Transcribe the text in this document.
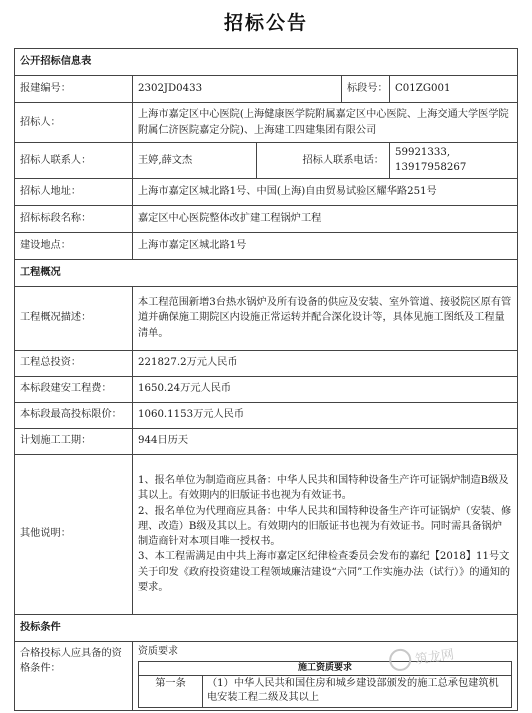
招标公告
公开招标信息表
报建编号：	2302JD0433	标段号：	C01ZG001
招标人：	上海市嘉定区中心医院(上海健康医学院附属嘉定区中心医院、上海交通大学医学院附属仁济医院嘉定分院)、上海建工四建集团有限公司
招标人联系人：	王婷,薛文杰	招标人联系电话：	59921333, 13917958267
招标人地址：	上海市嘉定区城北路1号、中国(上海)自由贸易试验区耀华路251号
招标标段名称：	嘉定区中心医院整体改扩建工程锅炉工程
建设地点：	上海市嘉定区城北路1号
工程概况
工程概况描述：	本工程范围新增3台热水锅炉及所有设备的供应及安装、室外管道、接驳院区原有管道并确保施工期院区内设施正常运转并配合深化设计等，具体见施工图纸及工程量清单。
工程总投资：	221827.2万元人民币
本标段建安工程费：	1650.24万元人民币
本标段最高投标限价：	1060.1153万元人民币
计划施工工期：	944日历天
其他说明：	
1、报名单位为制造商应具备：中华人民共和国特种设备生产许可证锅炉制造B级及其以上。有效期内的旧版证书也视为有效证书。
2、报名单位为代理商应具备：中华人民共和国特种设备生产许可证锅炉（安装、修理、改造）B级及其以上。有效期内的旧版证书也视为有效证书。同时需具备锅炉制造商针对本项目唯一授权书。
3、本工程需满足由中共上海市嘉定区纪律检查委员会发布的嘉纪【2018】11号文关于印发《政府投资建设工程领域廉洁建设“六同”工作实施办法（试行）》的通知的要求。

投标条件
合格投标人应具备的资格条件：	
资质要求
施工资质要求
第一条	（1）中华人民共和国住房和城乡建设部颁发的施工总承包建筑机电安装工程二级及其以上
筑龙网
